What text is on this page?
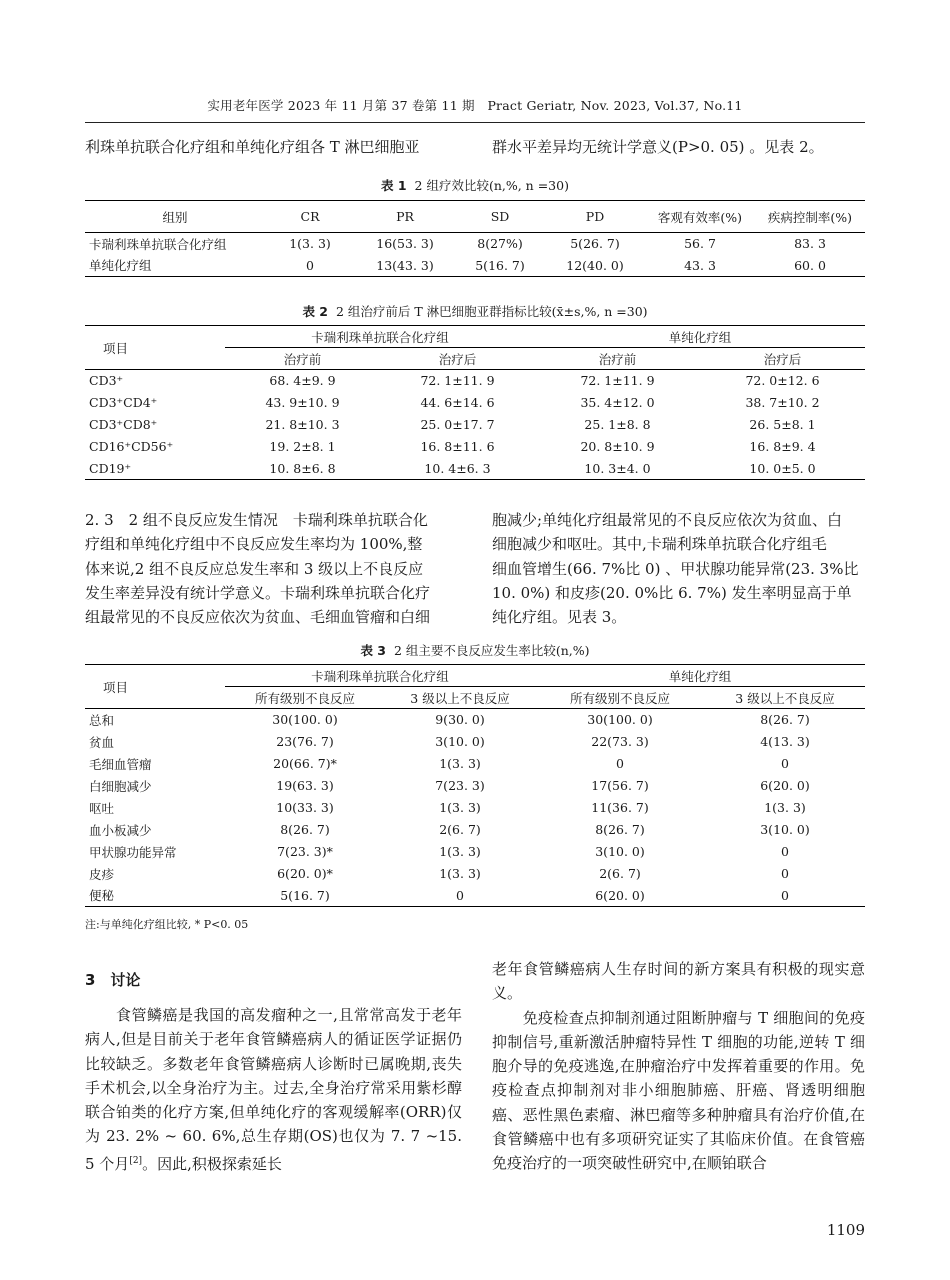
实用老年医学 2023 年 11 月第 37 卷第 11 期　Pract Geriatr, Nov. 2023, Vol.37, No.11
利珠单抗联合化疗组和单纯化疗组各 T 淋巴细胞亚	群水平差异均无统计学意义(P>0. 05) 。见表 2。
表 1 2 组疗效比较(n,%, n =30)
组别	CR	PR	SD	PD	客观有效率(%)	疾病控制率(%)
卡瑞利珠单抗联合化疗组	1(3. 3)	16(53. 3)	8(27%)	5(26. 7)	56. 7	83. 3
单纯化疗组	0	13(43. 3)	5(16. 7)	12(40. 0)	43. 3	60. 0
表 2 2 组治疗前后 T 淋巴细胞亚群指标比较(x̄±s,%, n =30)
项目	卡瑞利珠单抗联合化疗组		单纯化疗组	
	治疗前	治疗后	治疗前	治疗后
CD3⁺	68. 4±9. 9	72. 1±11. 9	72. 1±11. 9	72. 0±12. 6
CD3⁺CD4⁺	43. 9±10. 9	44. 6±14. 6	35. 4±12. 0	38. 7±10. 2
CD3⁺CD8⁺	21. 8±10. 3	25. 0±17. 7	25. 1±8. 8	26. 5±8. 1
CD16⁺CD56⁺	19. 2±8. 1	16. 8±11. 6	20. 8±10. 9	16. 8±9. 4
CD19⁺	10. 8±6. 8	10. 4±6. 3	10. 3±4. 0	10. 0±5. 0
2. 3　2 组不良反应发生情况　卡瑞利珠单抗联合化
疗组和单纯化疗组中不良反应发生率均为 100%,整
体来说,2 组不良反应总发生率和 3 级以上不良反应
发生率差异没有统计学意义。卡瑞利珠单抗联合化疗
组最常见的不良反应依次为贫血、毛细血管瘤和白细
胞减少;单纯化疗组最常见的不良反应依次为贫血、白
细胞减少和呕吐。其中,卡瑞利珠单抗联合化疗组毛
细血管增生(66. 7%比 0) 、甲状腺功能异常(23. 3%比
10. 0%) 和皮疹(20. 0%比 6. 7%) 发生率明显高于单
纯化疗组。见表 3。
表 3 2 组主要不良反应发生率比较(n,%)
项目	卡瑞利珠单抗联合化疗组		单纯化疗组	
	所有级别不良反应	3 级以上不良反应	所有级别不良反应	3 级以上不良反应
总和	30(100. 0)	9(30. 0)	30(100. 0)	8(26. 7)
贫血	23(76. 7)	3(10. 0)	22(73. 3)	4(13. 3)
毛细血管瘤	20(66. 7)*	1(3. 3)	0	0
白细胞减少	19(63. 3)	7(23. 3)	17(56. 7)	6(20. 0)
呕吐	10(33. 3)	1(3. 3)	11(36. 7)	1(3. 3)
血小板减少	8(26. 7)	2(6. 7)	8(26. 7)	3(10. 0)
甲状腺功能异常	7(23. 3)*	1(3. 3)	3(10. 0)	0
皮疹	6(20. 0)*	1(3. 3)	2(6. 7)	0
便秘	5(16. 7)	0	6(20. 0)	0
注:与单纯化疗组比较, * P<0. 05
3　讨论

　　食管鳞癌是我国的高发瘤种之一,且常常高发于老年病人,但是目前关于老年食管鳞癌病人的循证医学证据仍比较缺乏。多数老年食管鳞癌病人诊断时已属晚期,丧失手术机会,以全身治疗为主。过去,全身治疗常采用紫杉醇联合铂类的化疗方案,但单纯化疗的客观缓解率(ORR)仅为 23. 2% ~ 60. 6%,总生存期(OS)也仅为 7. 7 ~15. 5 个月[2]。因此,积极探索延长

老年食管鳞癌病人生存时间的新方案具有积极的现实意义。

　　免疫检查点抑制剂通过阻断肿瘤与 T 细胞间的免疫抑制信号,重新激活肿瘤特异性 T 细胞的功能,逆转 T 细胞介导的免疫逃逸,在肿瘤治疗中发挥着重要的作用。免疫检查点抑制剂对非小细胞肺癌、肝癌、肾透明细胞癌、恶性黑色素瘤、淋巴瘤等多种肿瘤具有治疗价值,在食管鳞癌中也有多项研究证实了其临床价值。在食管癌免疫治疗的一项突破性研究中,在顺铂联合

1109
